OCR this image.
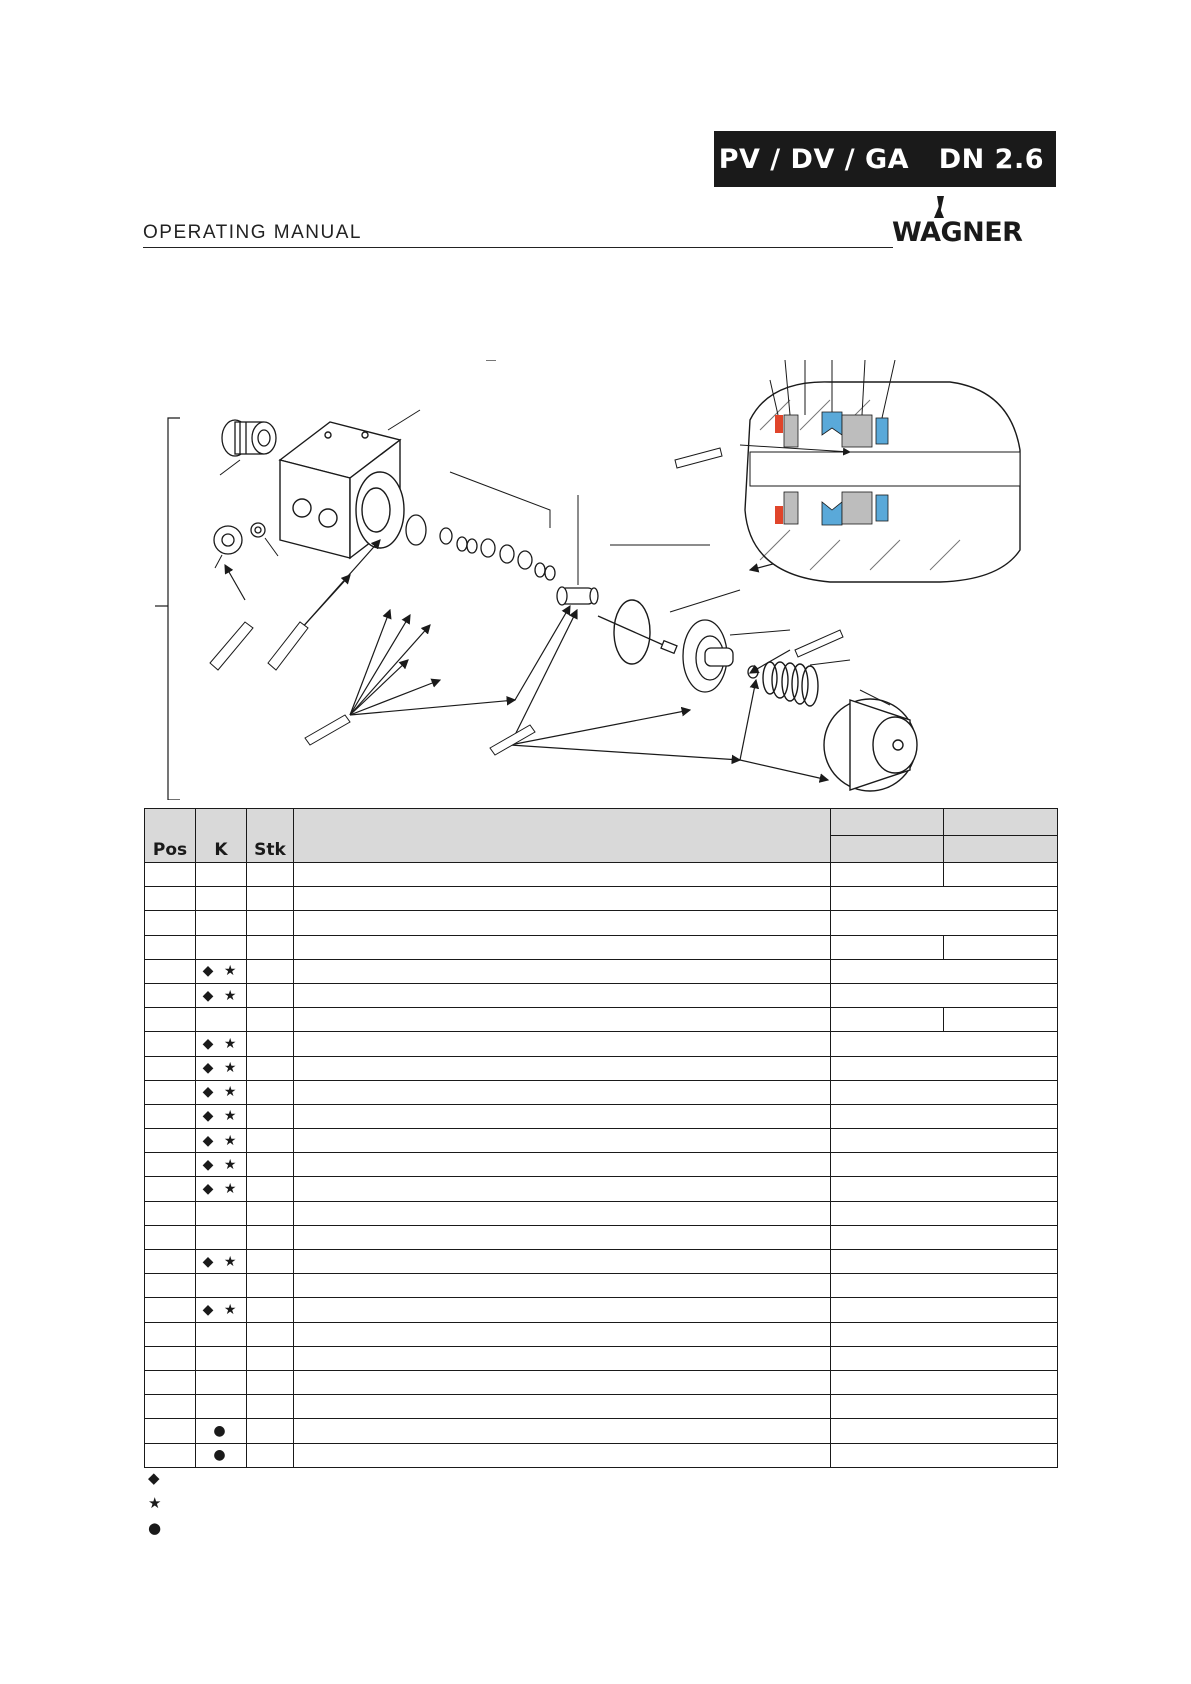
PV / DV / GA   DN 2.6
OPERATING MANUAL	WAGNER
Pos	K	Stk			

	◆ ★				
	◆ ★				

	◆ ★				
	◆ ★				
	◆ ★				
	◆ ★				
	◆ ★				
	◆ ★				
	◆ ★				

	◆ ★				

	◆ ★				

	●				
	●				
◆
★
●
